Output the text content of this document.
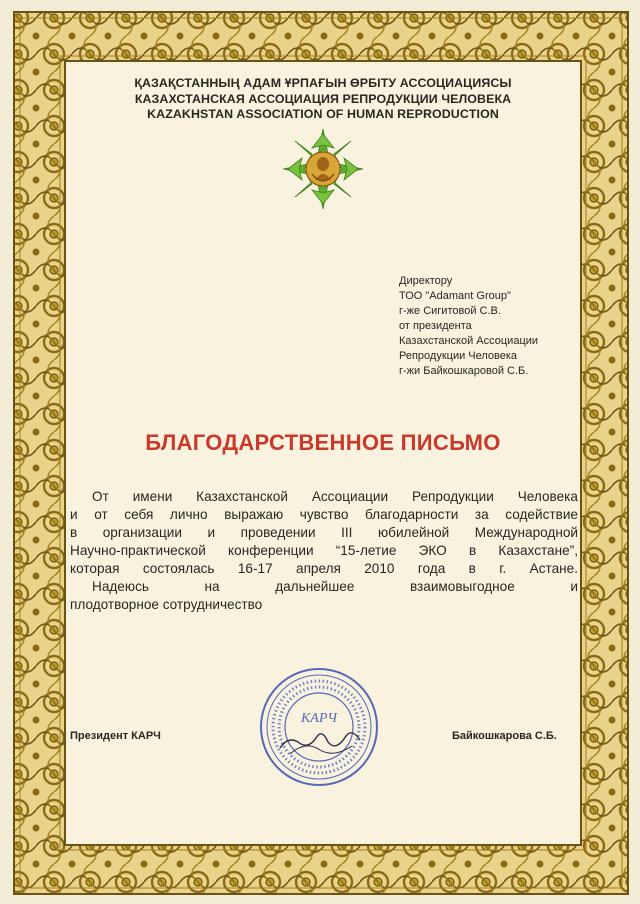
ҚАЗАҚСТАННЫҢ АДАМ ҰРПАҒЫН ӨРБІТУ АССОЦИАЦИЯСЫ
КАЗАХСТАНСКАЯ АССОЦИАЦИЯ РЕПРОДУКЦИИ ЧЕЛОВЕКА
KAZAKHSTAN ASSOCIATION OF HUMAN REPRODUCTION
Директору
ТОО "Adamant Group"
г-же Сигитовой С.В.
от президента
Казахстанской Ассоциации
Репродукции Человека
г-жи Байкошкаровой С.Б.
БЛАГОДАРСТВЕННОЕ ПИСЬМО
От имени Казахстанской Ассоциации Репродукции Человека
и от себя лично выражаю чувство благодарности за содействие
в организации и проведении III юбилейной Международной
Научно-практической конференции “15-летие ЭКО в Казахстане”,
которая состоялась 16-17 апреля 2010 года в г. Астане.
Надеюсь на дальнейшее взаимовыгодное и
плодотворное сотрудничество
Президент КАРЧ
КАРЧ
Байкошкарова С.Б.
